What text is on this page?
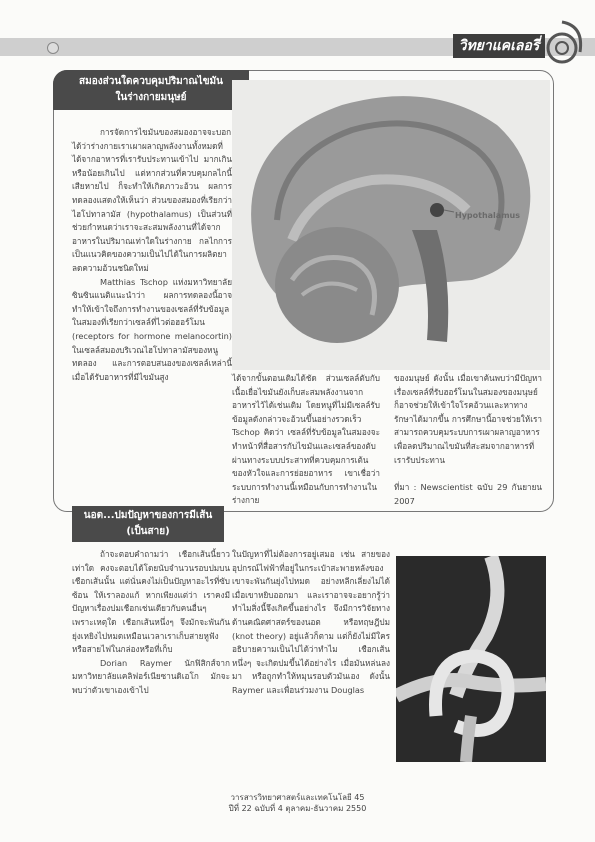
วิทยาแคเลอรี่
สมองส่วนใดควบคุมปริมาณไขมัน
ในร่างกายมนุษย์
Hypothalamus

การจัดการไขมันของสมองอาจจะบอกได้ว่าร่างกายเราเผาผลาญพลังงานทั้งหมดที่ได้จากอาหารที่เรารับประทานเข้าไป มากเกินหรือน้อยเกินไป แต่หากส่วนที่ควบคุมกลไกนี้เสียหายไป ก็จะทำให้เกิดภาวะอ้วน ผลการทดลองแสดงให้เห็นว่า ส่วนของสมองที่เรียกว่า ไฮโปทาลามัส (hypothalamus) เป็นส่วนที่ช่วยกำหนดว่าเราจะสะสมพลังงานที่ได้จากอาหารในปริมาณเท่าใดในร่างกาย กลไกการเป็นแนวคิดของความเป็นไปได้ในการผลิตยาลดความอ้วนชนิดใหม่

Matthias Tschop แห่งมหาวิทยาลัยซินซินแนติแนะนำว่า ผลการทดลองนี้อาจทำให้เข้าใจถึงการทำงานของเซลล์ที่รับข้อมูลในสมองที่เรียกว่าเซลล์ที่ไวต่อฮอร์โมน (receptors for hormone melanocortin) ในเซลล์สมองบริเวณไฮโปทาลามัสของหนูทดลอง และการตอบสนองของเซลล์เหล่านี้เมื่อได้รับอาหารที่มีไขมันสูง	ได้จากขั้นตอนเดิมได้ชัด ส่วนเซลล์ตับกับเนื้อเยื่อไขมันยังเก็บสะสมพลังงานจากอาหารไว้ได้เช่นเดิม โดยหนูที่ไม่มีเซลล์รับข้อมูลดังกล่าวจะอ้วนขึ้นอย่างรวดเร็ว Tschop คิดว่า เซลล์ที่รับข้อมูลในสมองจะทำหน้าที่สื่อสารกับไขมันและเซลล์ของตับผ่านทางระบบประสาทที่ควบคุมการเต้นของหัวใจและการย่อยอาหาร เขาเชื่อว่า ระบบการทำงานนี้เหมือนกับการทำงานในร่างกาย

ของมนุษย์ ดังนั้น เมื่อเขาค้นพบว่ามีปัญหาเรื่องเซลล์ที่รับฮอร์โมนในสมองของมนุษย์ ก็อาจช่วยให้เข้าใจโรคอ้วนและหาทางรักษาได้มากขึ้น การศึกษานี้อาจช่วยให้เราสามารถควบคุมระบบการเผาผลาญอาหาร เพื่อลดปริมาณไขมันที่สะสมจากอาหารที่เรารับประทาน

ที่มา : Newscientist ฉบับ 29 กันยายน 2007

นอต...ปมปัญหาของการมีเส้น
(เป็นสาย)

ถ้าจะตอบคำถามว่า เชือกเส้นนี้ยาวเท่าใด คงจะตอบได้โดยนับจำนวนรอบปมบนเชือกเส้นนั้น แต่นั่นคงไม่เป็นปัญหาอะไรที่ซับซ้อน ให้เราลองแก้ หากเพียงแต่ว่า เราคงมีปัญหาเรื่องปมเชือกเช่นเดียวกับคนอื่นๆ เพราะเหตุใด เชือกเส้นหนึ่งๆ จึงมักจะพันกันยุ่งเหยิงไปหมดเหมือนเวลาเราเก็บสายหูฟังหรือสายไฟในกล่องหรือที่เก็บ

Dorian Raymer นักฟิสิกส์จากมหาวิทยาลัยแคลิฟอร์เนียซานดิเอโก มักจะพบว่าตัวเขาเองเข้าไป

ในปัญหาที่ไม่ต้องการอยู่เสมอ เช่น สายของอุปกรณ์ไฟฟ้าที่อยู่ในกระเป๋าสะพายหลังของเขาจะพันกันยุ่งไปหมด อย่างหลีกเลี่ยงไม่ได้ เมื่อเขาหยิบออกมา และเราอาจจะอยากรู้ว่า ทำไมสิ่งนี้จึงเกิดขึ้นอย่างไร จึงมีการวิจัยทางด้านคณิตศาสตร์ของนอต หรือทฤษฎีปม (knot theory) อยู่แล้วก็ตาม แต่ก็ยังไม่มีใครอธิบายความเป็นไปได้ว่าทำไม เชือกเส้นหนึ่งๆ จะเกิดปมขึ้นได้อย่างไร เมื่อมันหล่นลงมา หรือถูกทำให้หมุนรอบตัวมันเอง ดังนั้น Raymer และเพื่อนร่วมงาน Douglas

วารสารวิทยาศาสตร์และเทคโนโลยี 45
ปีที่ 22 ฉบับที่ 4 ตุลาคม-ธันวาคม 2550
